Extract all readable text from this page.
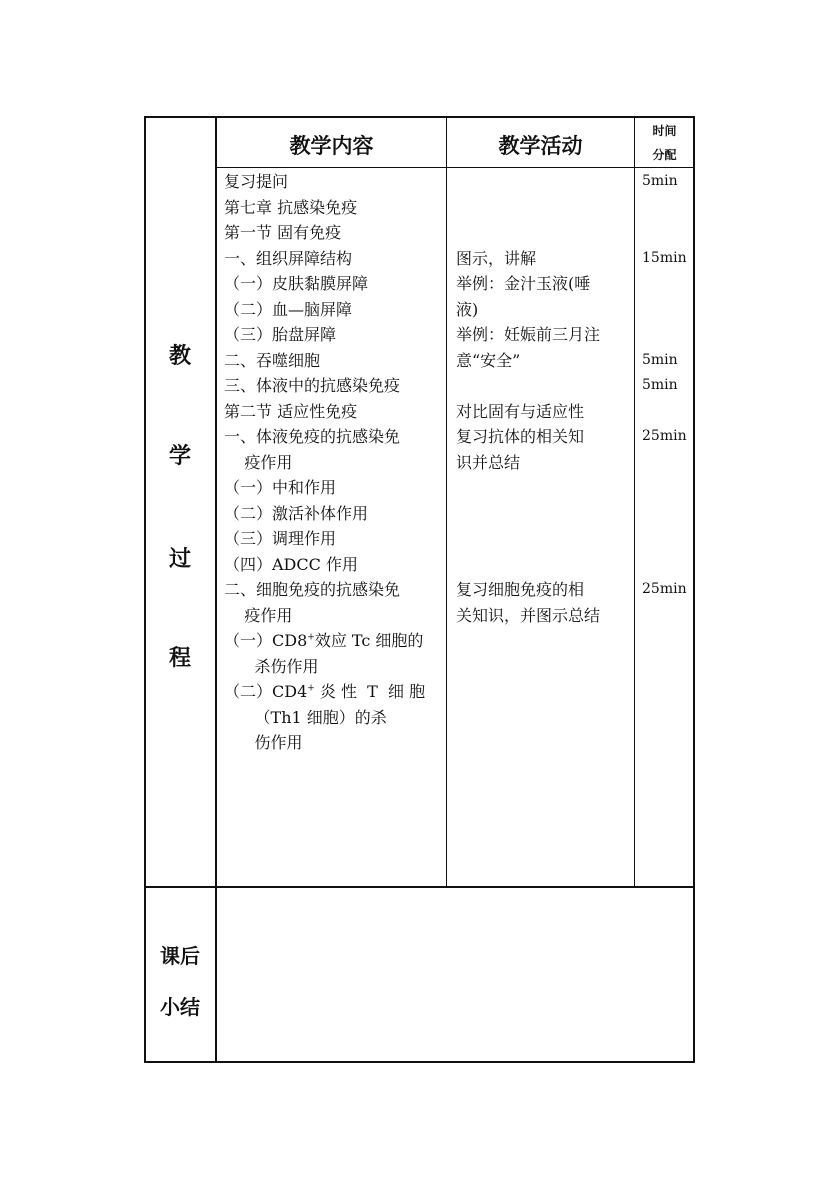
教
学
过
程
课后
小结
教学内容	教学活动
时间
分配
复习提问
第七章 抗感染免疫
第一节 固有免疫
一、组织屏障结构
（一）皮肤黏膜屏障
（二）血—脑屏障
（三）胎盘屏障
二、吞噬细胞
三、体液中的抗感染免疫
第二节 适应性免疫
一、体液免疫的抗感染免
疫作用
（一）中和作用
（二）激活补体作用
（三）调理作用
（四）ADCC 作用
二、细胞免疫的抗感染免
疫作用
（一）CD8+效应 Tc 细胞的
杀伤作用
（二）CD4+ 炎 性  T  细 胞
（Th1 细胞）的杀
伤作用
图示，讲解
举例：金汁玉液(唾
液)
举例：妊娠前三月注
意“安全”
对比固有与适应性
复习抗体的相关知
识并总结
复习细胞免疫的相
关知识，并图示总结
5min
15min
5min
5min
25min
25min
